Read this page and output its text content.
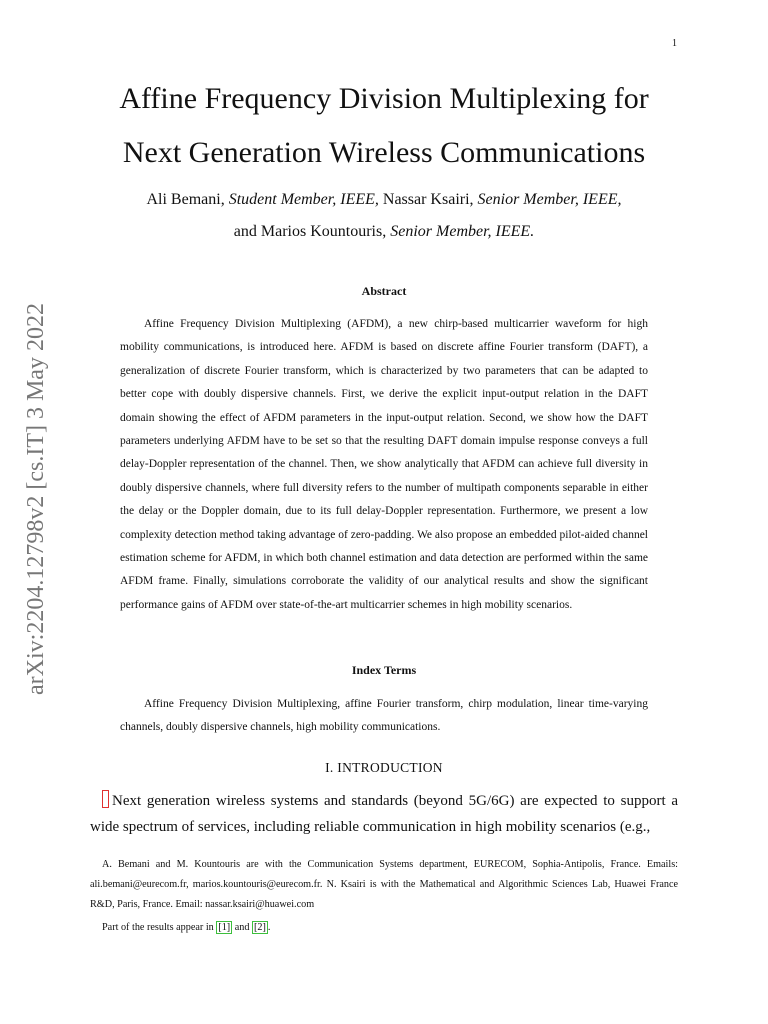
1
arXiv:2204.12798v2 [cs.IT] 3 May 2022
Affine Frequency Division Multiplexing for
Next Generation Wireless Communications
Ali Bemani, Student Member, IEEE, Nassar Ksairi, Senior Member, IEEE,
and Marios Kountouris, Senior Member, IEEE.
Abstract

Affine Frequency Division Multiplexing (AFDM), a new chirp-based multicarrier waveform for high mobility communications, is introduced here. AFDM is based on discrete affine Fourier transform (DAFT), a generalization of discrete Fourier transform, which is characterized by two parameters that can be adapted to better cope with doubly dispersive channels. First, we derive the explicit input-output relation in the DAFT domain showing the effect of AFDM parameters in the input-output relation. Second, we show how the DAFT parameters underlying AFDM have to be set so that the resulting DAFT domain impulse response conveys a full delay-Doppler representation of the channel. Then, we show analytically that AFDM can achieve full diversity in doubly dispersive channels, where full diversity refers to the number of multipath components separable in either the delay or the Doppler domain, due to its full delay-Doppler representation. Furthermore, we present a low complexity detection method taking advantage of zero-padding. We also propose an embedded pilot-aided channel estimation scheme for AFDM, in which both channel estimation and data detection are performed within the same AFDM frame. Finally, simulations corroborate the validity of our analytical results and show the significant performance gains of AFDM over state-of-the-art multicarrier schemes in high mobility scenarios.

Index Terms

Affine Frequency Division Multiplexing, affine Fourier transform, chirp modulation, linear time-varying channels, doubly dispersive channels, high mobility communications.

I. INTRODUCTION

Next generation wireless systems and standards (beyond 5G/6G) are expected to support a wide spectrum of services, including reliable communication in high mobility scenarios (e.g.,

A. Bemani and M. Kountouris are with the Communication Systems department, EURECOM, Sophia-Antipolis, France. Emails: ali.bemani@eurecom.fr, marios.kountouris@eurecom.fr. N. Ksairi is with the Mathematical and Algorithmic Sciences Lab, Huawei France R&D, Paris, France. Email: nassar.ksairi@huawei.com

Part of the results appear in [1] and [2] .
